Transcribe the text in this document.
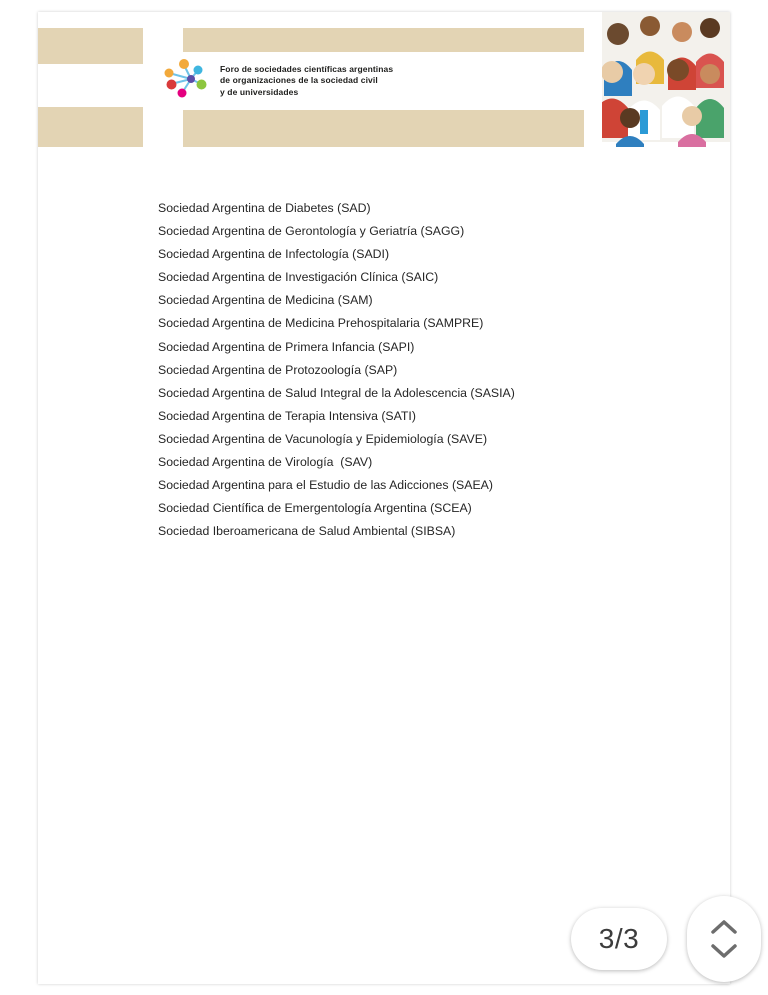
Foro de sociedades científicas argentinas
de organizaciones de la sociedad civil
y de universidades
Sociedad Argentina de Diabetes (SAD)
Sociedad Argentina de Gerontología y Geriatría (SAGG)
Sociedad Argentina de Infectología (SADI)
Sociedad Argentina de Investigación Clínica (SAIC)
Sociedad Argentina de Medicina (SAM)
Sociedad Argentina de Medicina Prehospitalaria (SAMPRE)
Sociedad Argentina de Primera Infancia (SAPI)
Sociedad Argentina de Protozoología (SAP)
Sociedad Argentina de Salud Integral de la Adolescencia (SASIA)
Sociedad Argentina de Terapia Intensiva (SATI)
Sociedad Argentina de Vacunología y Epidemiología (SAVE)
Sociedad Argentina de Virología  (SAV)
Sociedad Argentina para el Estudio de las Adicciones (SAEA)
Sociedad Científica de Emergentología Argentina (SCEA)
Sociedad Iberoamericana de Salud Ambiental (SIBSA)
3/3
